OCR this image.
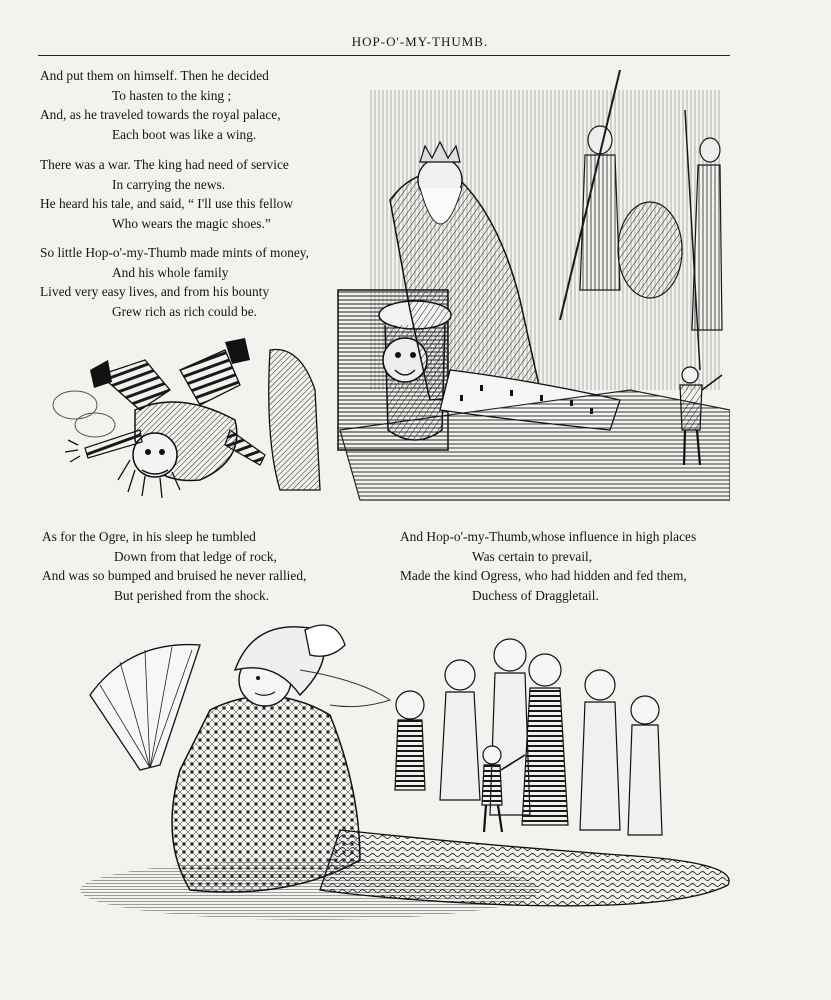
HOP-O'-MY-THUMB.
And put them on himself. Then he decided
To hasten to the king ;
And, as he traveled towards the royal palace,
Each boot was like a wing.
There was a war. The king had need of service
In carrying the news.
He heard his tale, and said, “ I'll use this fellow
Who wears the magic shoes.”
So little Hop-o'-my-Thumb made mints of money,
And his whole family
Lived very easy lives, and from his bounty
Grew rich as rich could be.
As for the Ogre, in his sleep he tumbled
Down from that ledge of rock,
And was so bumped and bruised he never rallied,
But perished from the shock.
And Hop-o'-my-Thumb,whose influence in high places
Was certain to prevail,
Made the kind Ogress, who had hidden and fed them,
Duchess of Draggletail.
